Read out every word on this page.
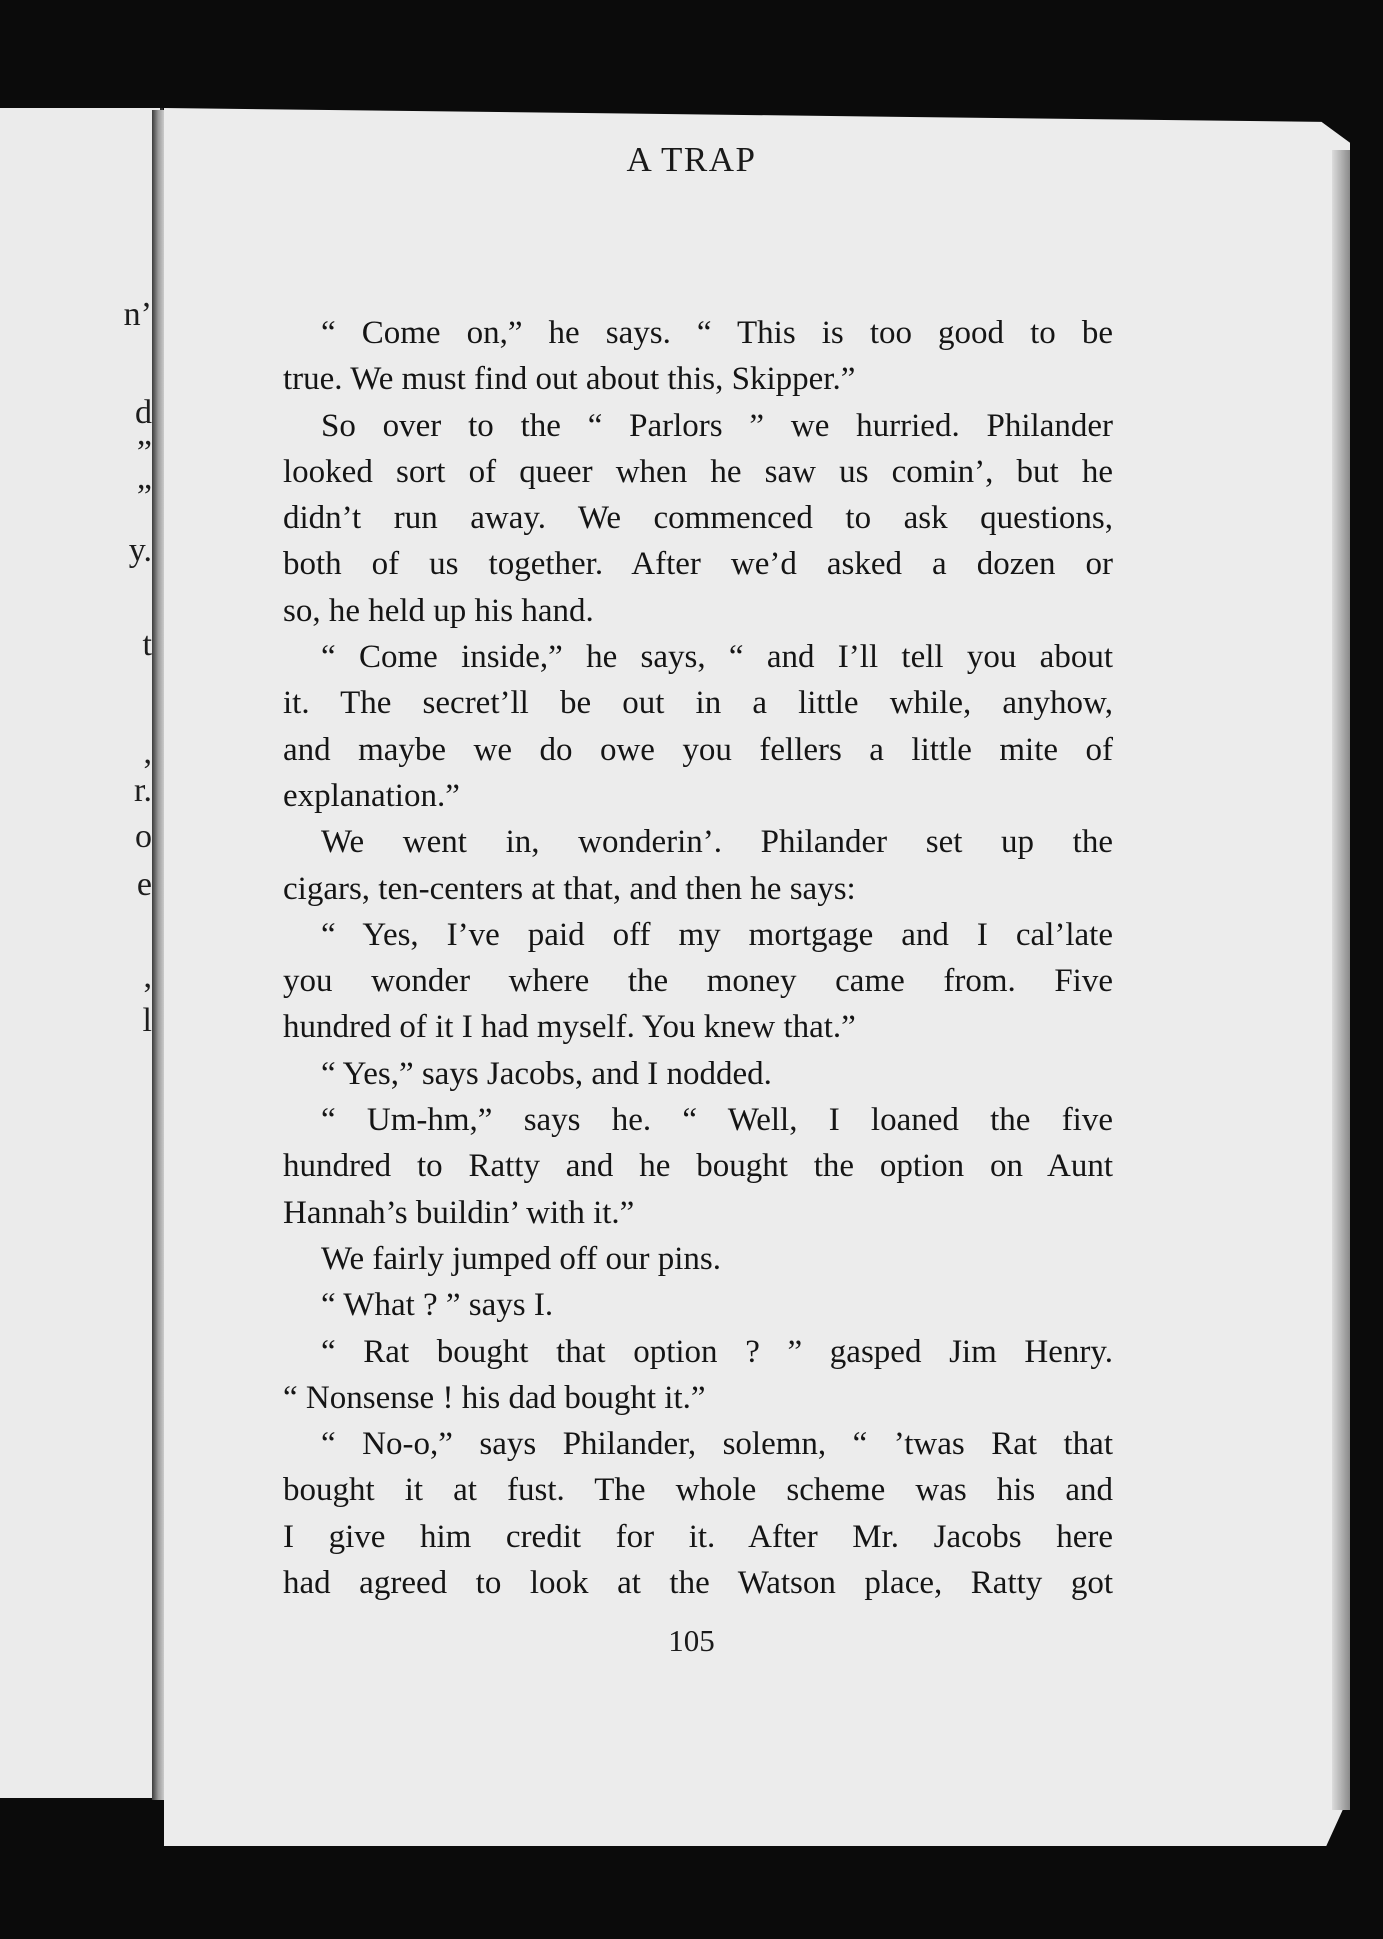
n’
d
”
”
y.
t
,
r.
o
e
,
l
A TRAP
“ Come on,” he says. “ This is too good to be
true. We must find out about this, Skipper.”
So over to the “ Parlors ” we hurried. Philander
looked sort of queer when he saw us comin’, but he
didn’t run away. We commenced to ask questions,
both of us together. After we’d asked a dozen or
so, he held up his hand.
“ Come inside,” he says, “ and I’ll tell you about
it. The secret’ll be out in a little while, anyhow,
and maybe we do owe you fellers a little mite of
explanation.”
We went in, wonderin’. Philander set up the
cigars, ten-centers at that, and then he says:
“ Yes, I’ve paid off my mortgage and I cal’late
you wonder where the money came from. Five
hundred of it I had myself. You knew that.”
“ Yes,” says Jacobs, and I nodded.
“ Um-hm,” says he. “ Well, I loaned the five
hundred to Ratty and he bought the option on Aunt
Hannah’s buildin’ with it.”
We fairly jumped off our pins.
“ What ? ” says I.
“ Rat bought that option ? ” gasped Jim Henry.
“ Nonsense ! his dad bought it.”
“ No-o,” says Philander, solemn, “ ’twas Rat that
bought it at fust. The whole scheme was his and
I give him credit for it. After Mr. Jacobs here
had agreed to look at the Watson place, Ratty got
105
